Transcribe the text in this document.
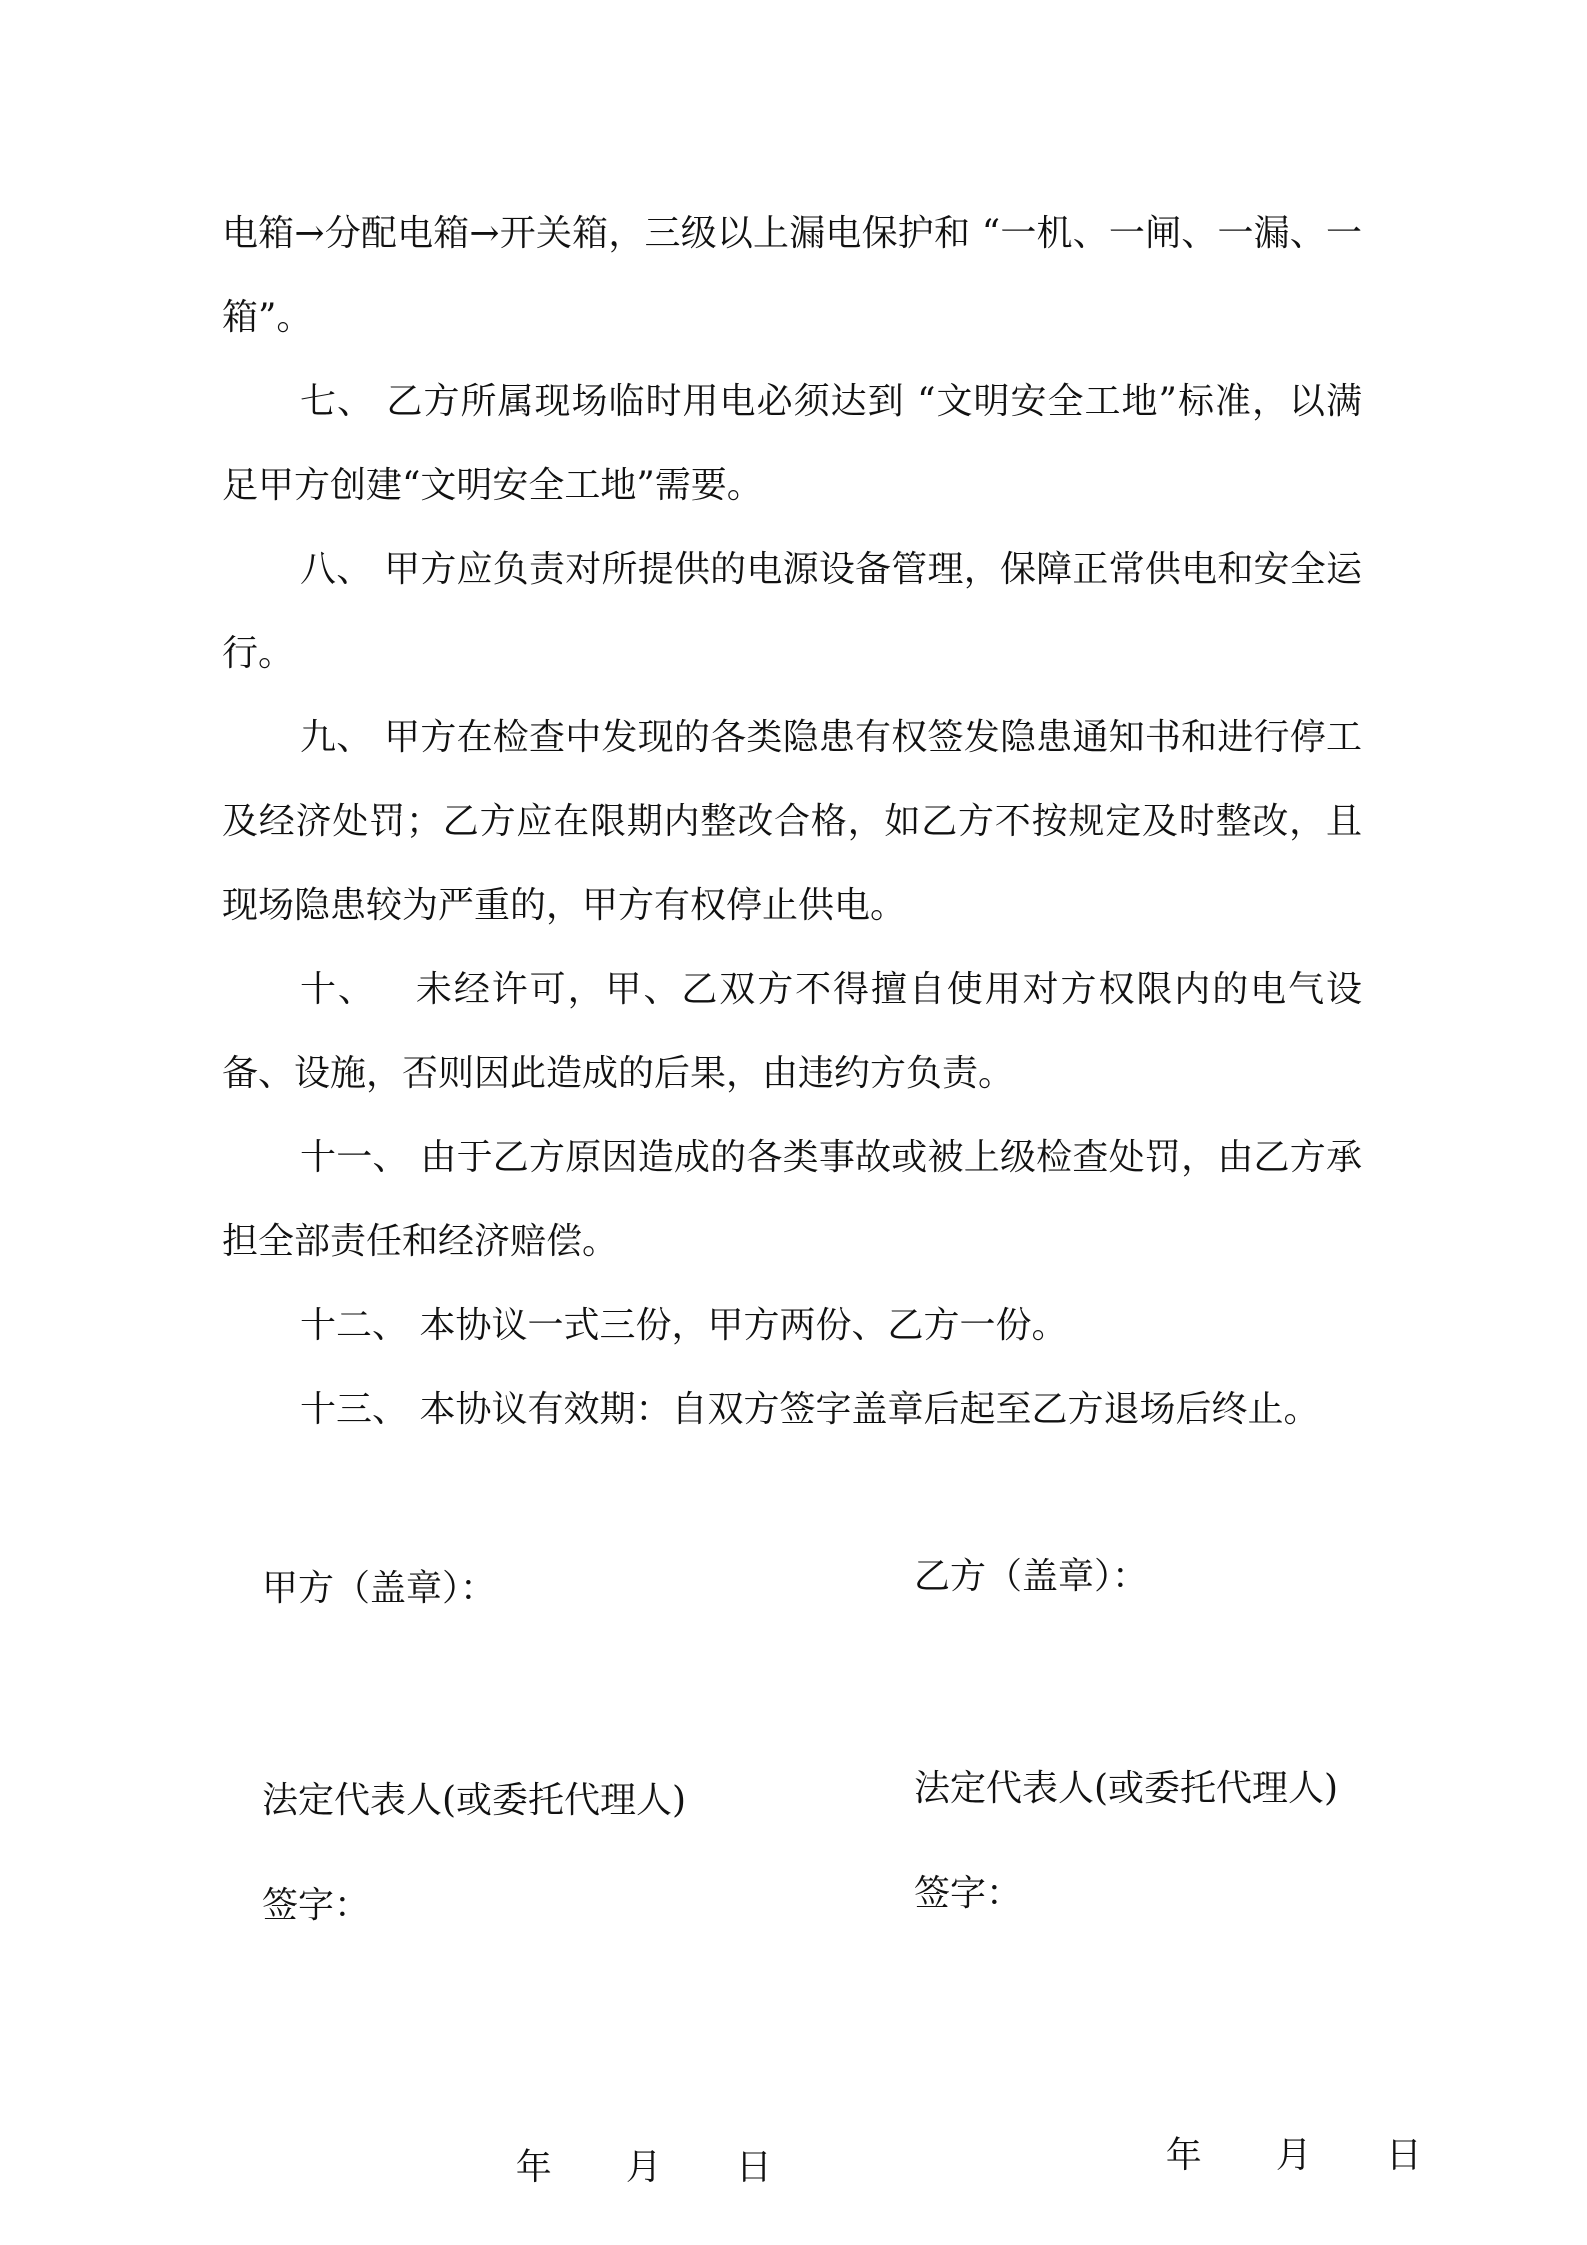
电箱→分配电箱→开关箱，三级以上漏电保护和 “一机、一闸、一漏、一箱”。

七、 乙方所属现场临时用电必须达到 “文明安全工地”标准，以满足甲方创建“文明安全工地”需要。

八、 甲方应负责对所提供的电源设备管理，保障正常供电和安全运行。

九、 甲方在检查中发现的各类隐患有权签发隐患通知书和进行停工及经济处罚；乙方应在限期内整改合格，如乙方不按规定及时整改，且现场隐患较为严重的，甲方有权停止供电。

十、   未经许可，甲、乙双方不得擅自使用对方权限内的电气设备、设施，否则因此造成的后果，由违约方负责。

十一、 由于乙方原因造成的各类事故或被上级检查处罚，由乙方承担全部责任和经济赔偿。

十二、 本协议一式三份，甲方两份、乙方一份。

十三、 本协议有效期：自双方签字盖章后起至乙方退场后终止。

甲方（盖章）：
法定代表人(或委托代理人)
签字：

年 月 日

乙方（盖章）：
法定代表人(或委托代理人)
签字：

年 月 日
